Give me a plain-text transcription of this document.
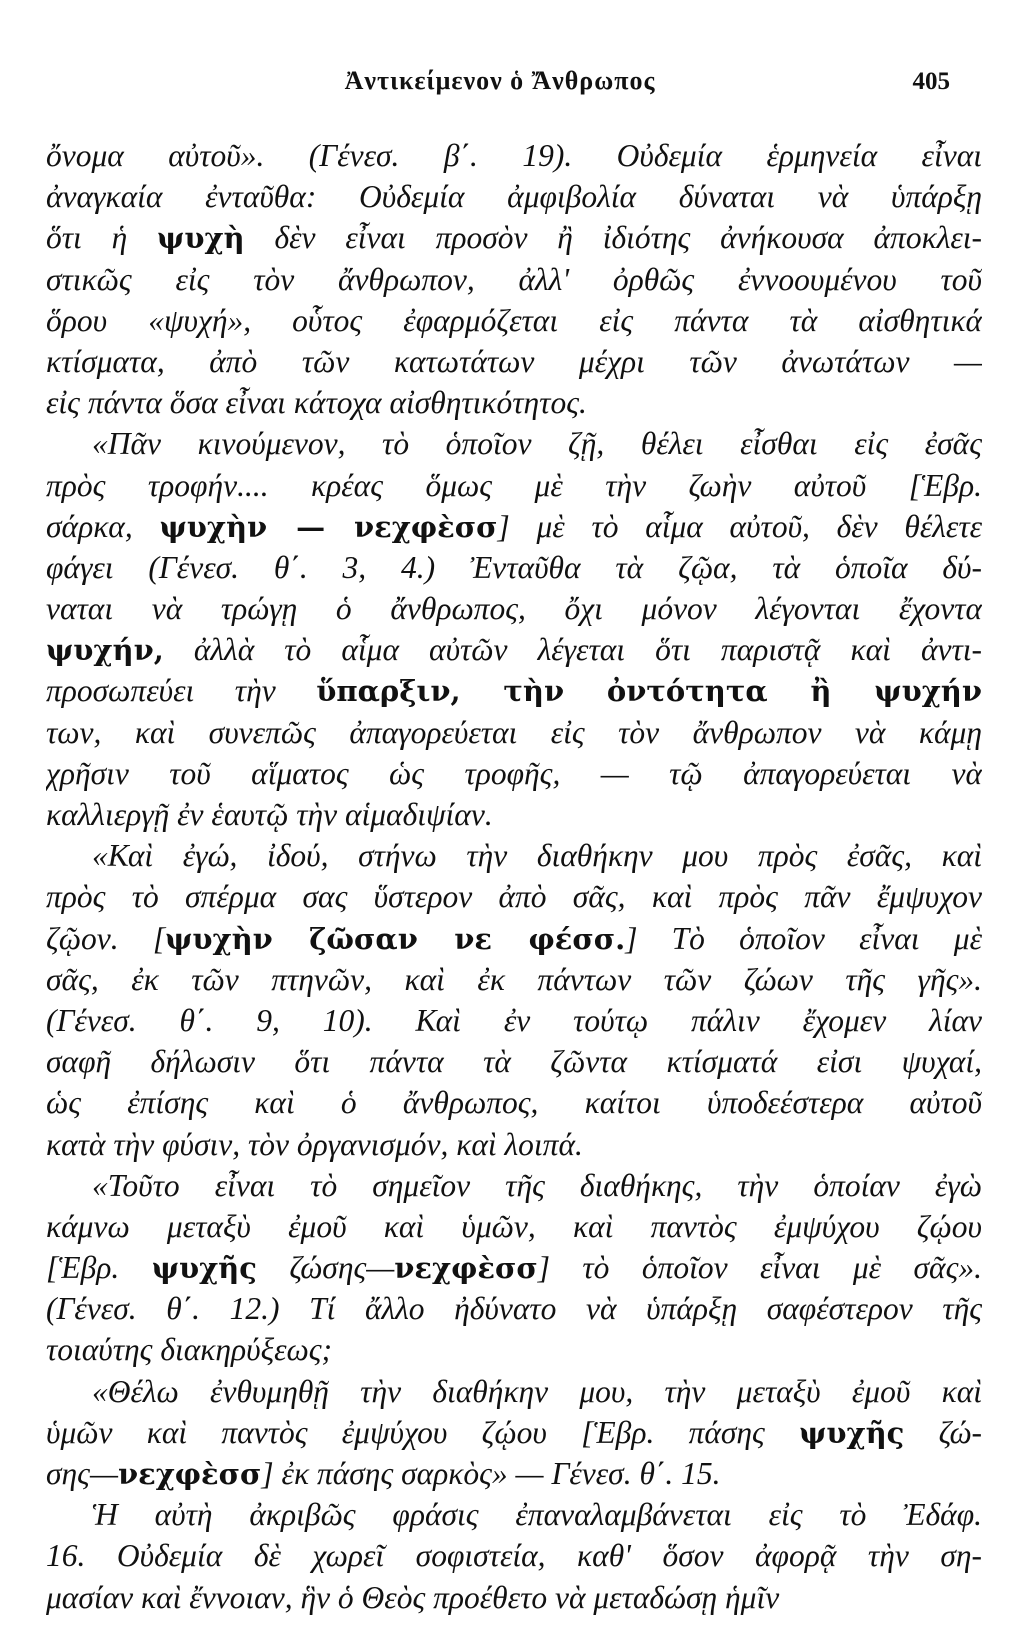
Ἀντικείμενον ὁ Ἄνθρωπος	405
ὄνομα αὐτοῦ». (Γένεσ. β΄. 19). Οὐδεμία ἑρμηνεία εἶναι
ἀναγκαία ἐνταῦθα: Οὐδεμία ἀμφιβολία δύναται νὰ ὑπάρξῃ
ὅτι ἡ ψυχὴ δὲν εἶναι προσὸν ἢ ἰδιότης ἀνήκουσα ἀποκλει-
στικῶς εἰς τὸν ἄνθρωπον, ἀλλ' ὀρθῶς ἐννοουμένου τοῦ
ὅρου «ψυχή», οὗτος ἐφαρμόζεται εἰς πάντα τὰ αἰσθητικά
κτίσματα, ἀπὸ τῶν κατωτάτων μέχρι τῶν ἀνωτάτων —
εἰς πάντα ὅσα εἶναι κάτοχα αἰσθητικότητος.
«Πᾶν κινούμενον, τὸ ὁποῖον ζῇ, θέλει εἶσθαι εἰς ἐσᾶς
πρὸς τροφήν.... κρέας ὅμως μὲ τὴν ζωὴν αὐτοῦ [Ἑβρ.
σάρκα, ψυχὴν — νεχφὲσσ] μὲ τὸ αἷμα αὐτοῦ, δὲν θέλετε
φάγει (Γένεσ. θ΄. 3, 4.) Ἐνταῦθα τὰ ζῷα, τὰ ὁποῖα δύ-
ναται νὰ τρώγῃ ὁ ἄνθρωπος, ὄχι μόνον λέγονται ἔχοντα
ψυχήν, ἀλλὰ τὸ αἷμα αὐτῶν λέγεται ὅτι παριστᾷ καὶ ἀντι-
προσωπεύει τὴν ὕπαρξιν, τὴν ὀντότητα ἢ ψυχήν
των, καὶ συνεπῶς ἀπαγορεύεται εἰς τὸν ἄνθρωπον νὰ κάμῃ
χρῆσιν τοῦ αἵματος ὡς τροφῆς, — τῷ ἀπαγορεύεται νὰ
καλλιεργῇ ἐν ἑαυτῷ τὴν αἱμαδιψίαν.
«Καὶ ἐγώ, ἰδού, στήνω τὴν διαθήκην μου πρὸς ἐσᾶς, καὶ
πρὸς τὸ σπέρμα σας ὕστερον ἀπὸ σᾶς, καὶ πρὸς πᾶν ἔμψυχον
ζῷον. [ψυχὴν ζῶσαν νε φέσσ.] Τὸ ὁποῖον εἶναι μὲ
σᾶς, ἐκ τῶν πτηνῶν, καὶ ἐκ πάντων τῶν ζώων τῆς γῆς».
(Γένεσ. θ΄. 9, 10). Καὶ ἐν τούτῳ πάλιν ἔχομεν λίαν
σαφῆ δήλωσιν ὅτι πάντα τὰ ζῶντα κτίσματά εἰσι ψυχαί,
ὡς ἐπίσης καὶ ὁ ἄνθρωπος, καίτοι ὑποδεέστερα αὐτοῦ
κατὰ τὴν φύσιν, τὸν ὀργανισμόν, καὶ λοιπά.
«Τοῦτο εἶναι τὸ σημεῖον τῆς διαθήκης, τὴν ὁποίαν ἐγὼ
κάμνω μεταξὺ ἐμοῦ καὶ ὑμῶν, καὶ παντὸς ἐμψύχου ζῴου
[Ἑβρ. ψυχῆς ζώσης—νεχφὲσσ] τὸ ὁποῖον εἶναι μὲ σᾶς».
(Γένεσ. θ΄. 12.) Τί ἄλλο ἠδύνατο νὰ ὑπάρξῃ σαφέστερον τῆς
τοιαύτης διακηρύξεως;
«Θέλω ἐνθυμηθῇ τὴν διαθήκην μου, τὴν μεταξὺ ἐμοῦ καὶ
ὑμῶν καὶ παντὸς ἐμψύχου ζῴου [Ἑβρ. πάσης ψυχῆς ζώ-
σης—νεχφὲσσ] ἐκ πάσης σαρκὸς» — Γένεσ. θ΄. 15.
Ἡ αὐτὴ ἀκριβῶς φράσις ἐπαναλαμβάνεται εἰς τὸ Ἐδάφ.
16. Οὐδεμία δὲ χωρεῖ σοφιστεία, καθ' ὅσον ἀφορᾷ τὴν ση-
μασίαν καὶ ἔννοιαν, ἣν ὁ Θεὸς προέθετο νὰ μεταδώσῃ ἡμῖν
